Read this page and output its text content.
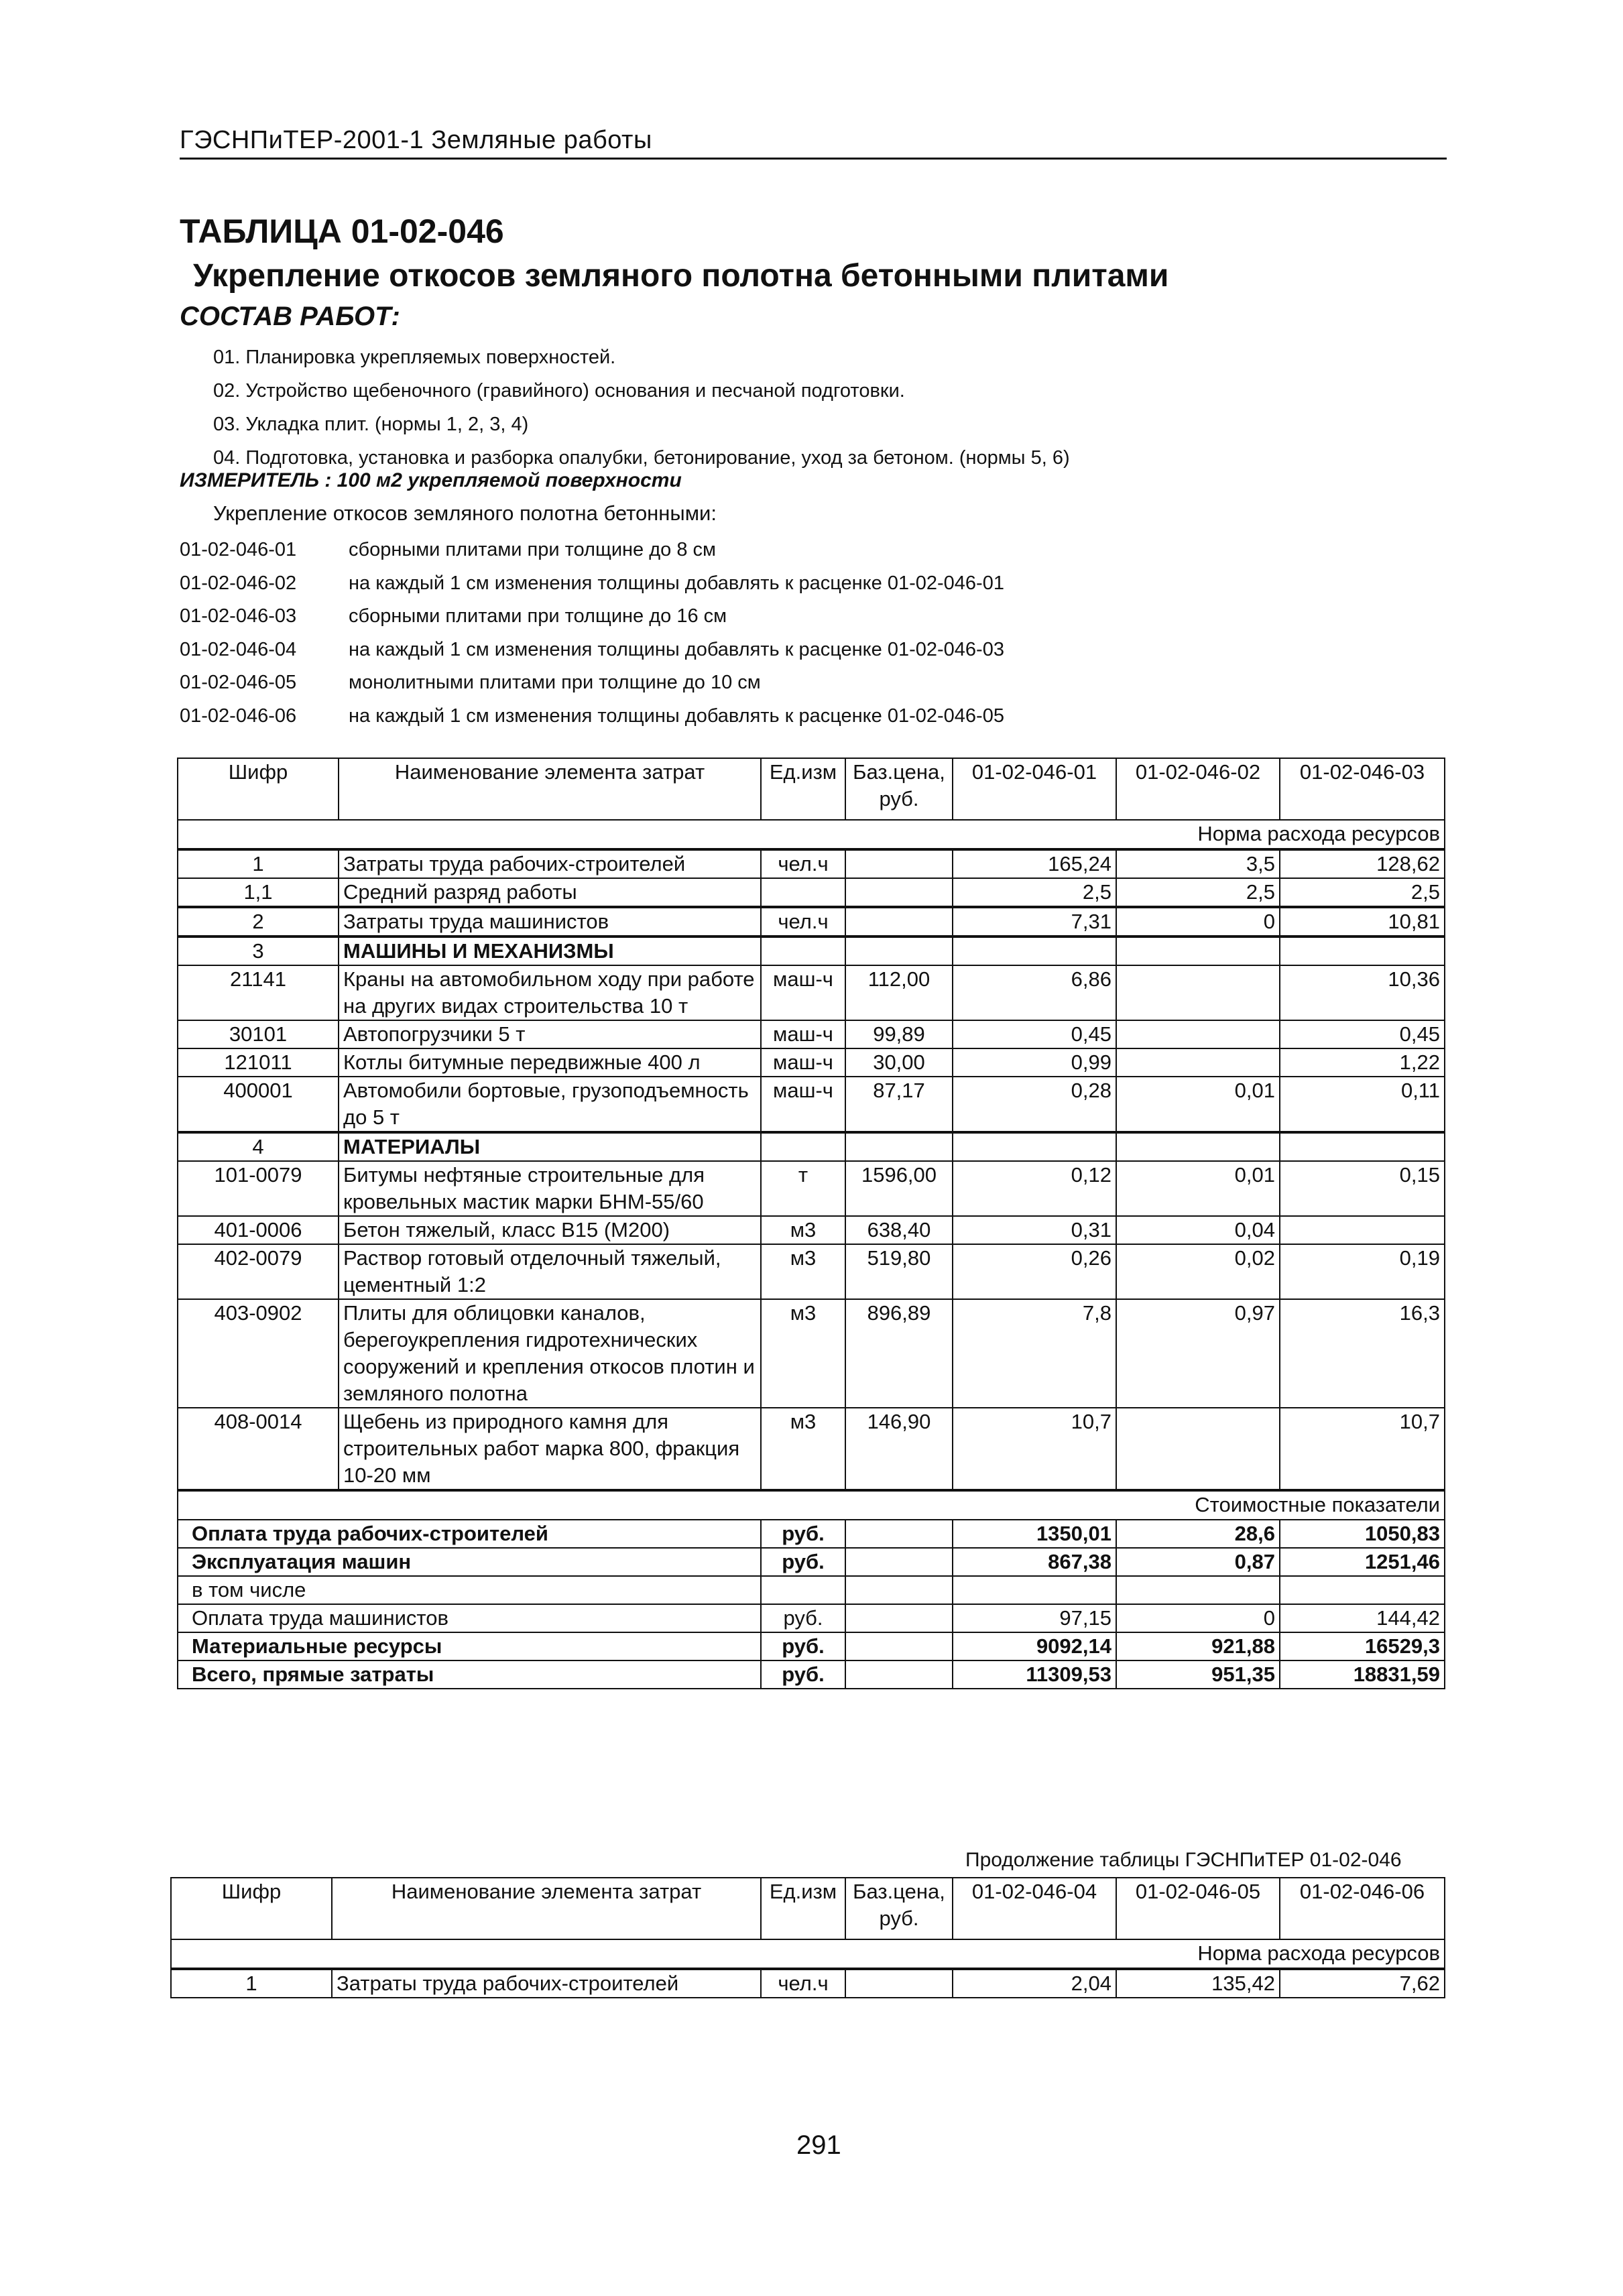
ГЭСНПиТЕР-2001-1 Земляные работы
ТАБЛИЦА 01-02-046
Укрепление откосов земляного полотна бетонными плитами
СОСТАВ РАБОТ:
01. Планировка укрепляемых поверхностей.
02. Устройство щебеночного (гравийного) основания и песчаной подготовки.
03. Укладка плит. (нормы 1, 2, 3, 4)
04. Подготовка, установка и разборка опалубки, бетонирование, уход за бетоном. (нормы 5, 6)
ИЗМЕРИТЕЛЬ : 100 м2 укрепляемой поверхности
Укрепление откосов земляного полотна бетонными:
01-02-046-01	сборными плитами при толщине до 8 см
01-02-046-02	на каждый 1 см изменения толщины добавлять к расценке 01-02-046-01
01-02-046-03	сборными плитами при толщине до 16 см
01-02-046-04	на каждый 1 см изменения толщины добавлять к расценке 01-02-046-03
01-02-046-05	монолитными плитами при толщине до 10 см
01-02-046-06	на каждый 1 см изменения толщины добавлять к расценке 01-02-046-05
Шифр	Наименование элемента затрат	Ед.изм	Баз.цена, руб.	01-02-046-01	01-02-046-02	01-02-046-03
Норма расхода ресурсов						
1	Затраты труда рабочих-строителей	чел.ч		165,24	3,5	128,62
1,1	Средний разряд работы			2,5	2,5	2,5
2	Затраты труда машинистов	чел.ч		7,31	0	10,81
3	МАШИНЫ И МЕХАНИЗМЫ					
21141	Краны на автомобильном ходу при работе на других видах строительства 10 т	маш-ч	112,00	6,86		10,36
30101	Автопогрузчики 5 т	маш-ч	99,89	0,45		0,45
121011	Котлы битумные передвижные 400 л	маш-ч	30,00	0,99		1,22
400001	Автомобили бортовые, грузоподъемность до 5 т	маш-ч	87,17	0,28	0,01	0,11
4	МАТЕРИАЛЫ					
101-0079	Битумы нефтяные строительные для кровельных мастик марки БНМ-55/60	т	1596,00	0,12	0,01	0,15
401-0006	Бетон тяжелый, класс В15 (М200)	м3	638,40	0,31	0,04	
402-0079	Раствор готовый отделочный тяжелый, цементный 1:2	м3	519,80	0,26	0,02	0,19
403-0902	Плиты для облицовки каналов, берегоукрепления гидротехнических сооружений и крепления откосов плотин и земляного полотна	м3	896,89	7,8	0,97	16,3
408-0014	Щебень из природного камня для строительных работ марка 800, фракция 10-20 мм	м3	146,90	10,7		10,7
Стоимостные показатели						
Оплата труда рабочих-строителей		руб.		1350,01	28,6	1050,83
Эксплуатация машин		руб.		867,38	0,87	1251,46
в том числе						
Оплата труда машинистов		руб.		97,15	0	144,42
Материальные ресурсы		руб.		9092,14	921,88	16529,3
Всего, прямые затраты		руб.		11309,53	951,35	18831,59
Продолжение таблицы ГЭСНПиТЕР 01-02-046
Шифр	Наименование элемента затрат	Ед.изм	Баз.цена, руб.	01-02-046-04	01-02-046-05	01-02-046-06
Норма расхода ресурсов						
1	Затраты труда рабочих-строителей	чел.ч		2,04	135,42	7,62
291
